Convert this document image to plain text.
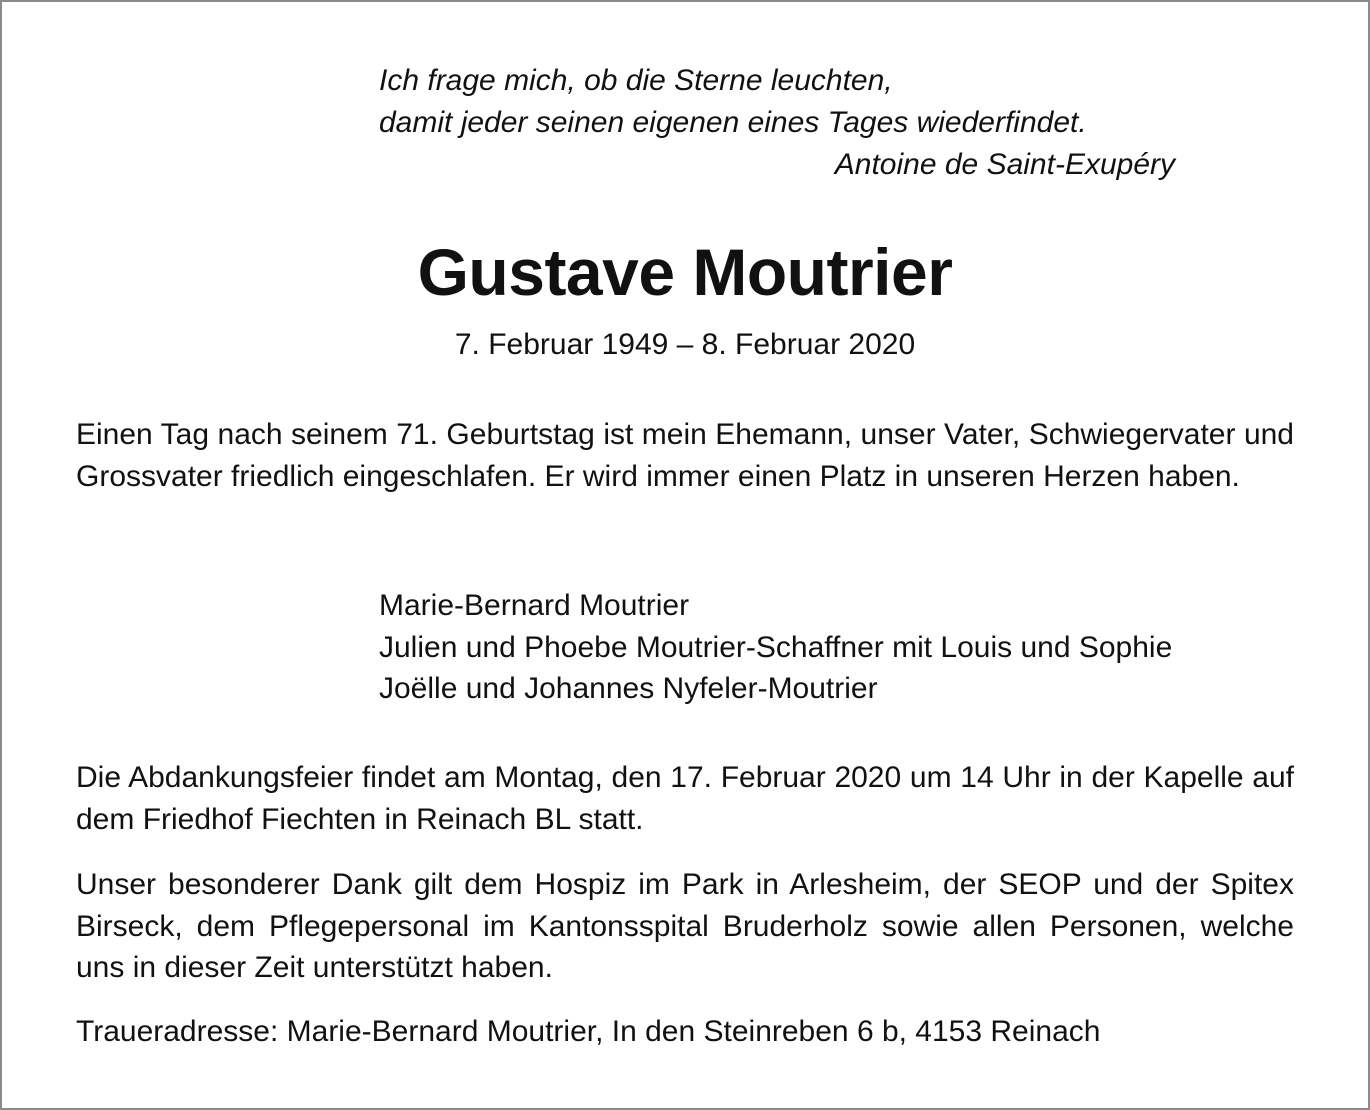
Ich frage mich, ob die Sterne leuchten,
damit jeder seinen eigenen eines Tages wiederfindet.
Antoine de Saint-Exupéry
Gustave Moutrier
7. Februar 1949 – 8. Februar 2020
Einen Tag nach seinem 71. Geburtstag ist mein Ehemann, unser Vater, Schwiegervater und Grossvater friedlich eingeschlafen. Er wird immer einen Platz in unseren Herzen haben.
Marie-Bernard Moutrier
Julien und Phoebe Moutrier-Schaffner mit Louis und Sophie
Joëlle und Johannes Nyfeler-Moutrier
Die Abdankungsfeier findet am Montag, den 17. Februar 2020 um 14 Uhr in der Kapelle auf dem Friedhof Fiechten in Reinach BL statt.
Unser besonderer Dank gilt dem Hospiz im Park in Arlesheim, der SEOP und der Spitex Birseck, dem Pflegepersonal im Kantonsspital Bruderholz sowie allen Personen, welche uns in dieser Zeit unterstützt haben.
Traueradresse: Marie-Bernard Moutrier, In den Steinreben 6 b, 4153 Reinach
